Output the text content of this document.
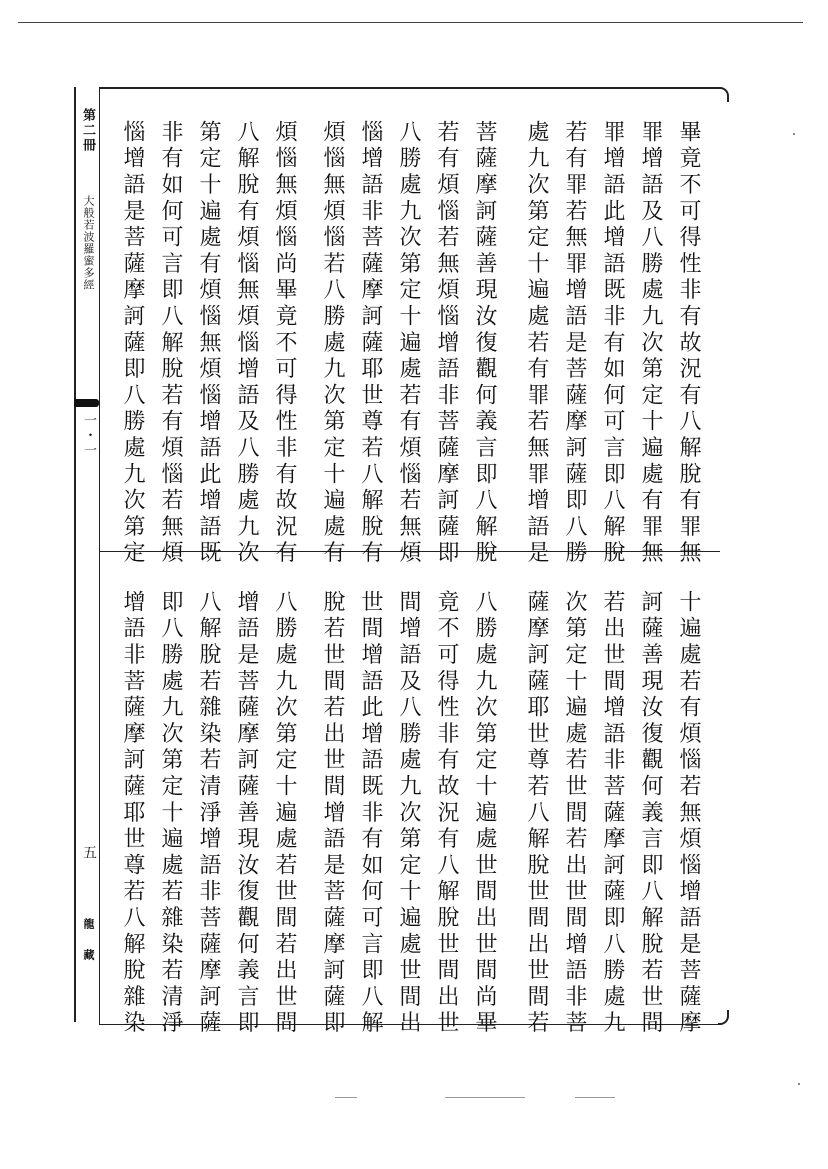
第二冊
大般若波羅蜜多經
一・一
五
龍藏
畢竟不可得性非有故況有八解脫有罪無
罪增語及八勝處九次第定十遍處有罪無
罪增語此增語既非有如何可言即八解脫
若有罪若無罪增語是菩薩摩訶薩即八勝
處九次第定十遍處若有罪若無罪增語是
菩薩摩訶薩善現汝復觀何義言即八解脫
若有煩惱若無煩惱增語非菩薩摩訶薩即
八勝處九次第定十遍處若有煩惱若無煩
惱增語非菩薩摩訶薩耶世尊若八解脫有
煩惱無煩惱若八勝處九次第定十遍處有
煩惱無煩惱尚畢竟不可得性非有故況有
八解脫有煩惱無煩惱增語及八勝處九次
第定十遍處有煩惱無煩惱增語此增語既
非有如何可言即八解脫若有煩惱若無煩
惱增語是菩薩摩訶薩即八勝處九次第定
十遍處若有煩惱若無煩惱增語是菩薩摩
訶薩善現汝復觀何義言即八解脫若世間
若出世間增語非菩薩摩訶薩即八勝處九
次第定十遍處若世間若出世間增語非菩
薩摩訶薩耶世尊若八解脫世間出世間若
八勝處九次第定十遍處世間出世間尚畢
竟不可得性非有故況有八解脫世間出世
間增語及八勝處九次第定十遍處世間出
世間增語此增語既非有如何可言即八解
脫若世間若出世間增語是菩薩摩訶薩即
八勝處九次第定十遍處若世間若出世間
增語是菩薩摩訶薩善現汝復觀何義言即
八解脫若雜染若清淨增語非菩薩摩訶薩
即八勝處九次第定十遍處若雜染若清淨
增語非菩薩摩訶薩耶世尊若八解脫雜染
